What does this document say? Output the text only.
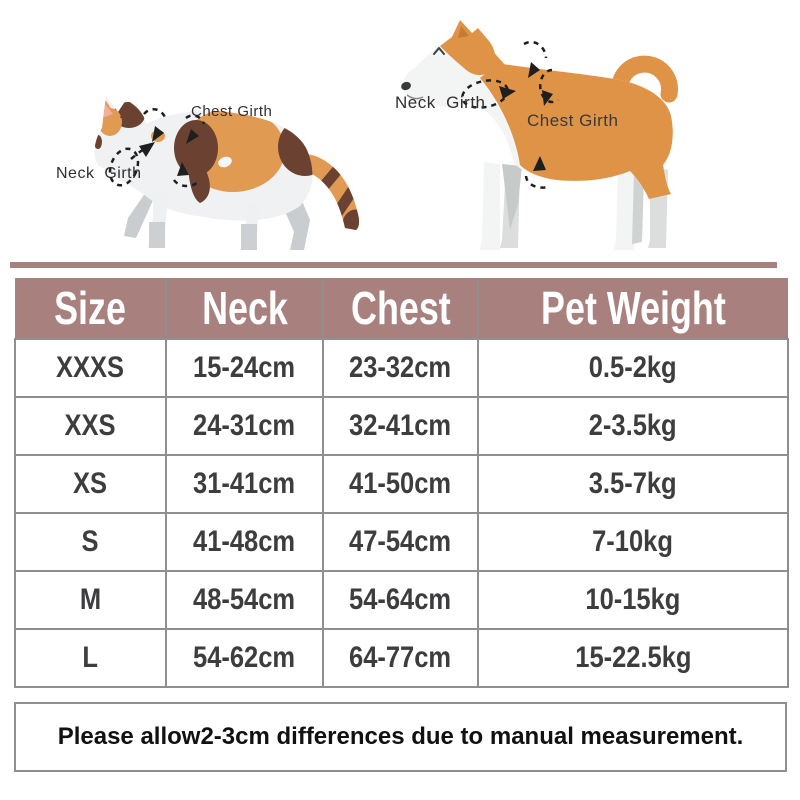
Chest Girth
Neck  Girth
Neck  Girth
Chest Girth
Size	Neck	Chest	Pet Weight
XXXS	15-24cm	23-32cm	0.5-2kg
XXS	24-31cm	32-41cm	2-3.5kg
XS	31-41cm	41-50cm	3.5-7kg
S	41-48cm	47-54cm	7-10kg
M	48-54cm	54-64cm	10-15kg
L	54-62cm	64-77cm	15-22.5kg
Please allow2-3cm differences due to manual measurement.
